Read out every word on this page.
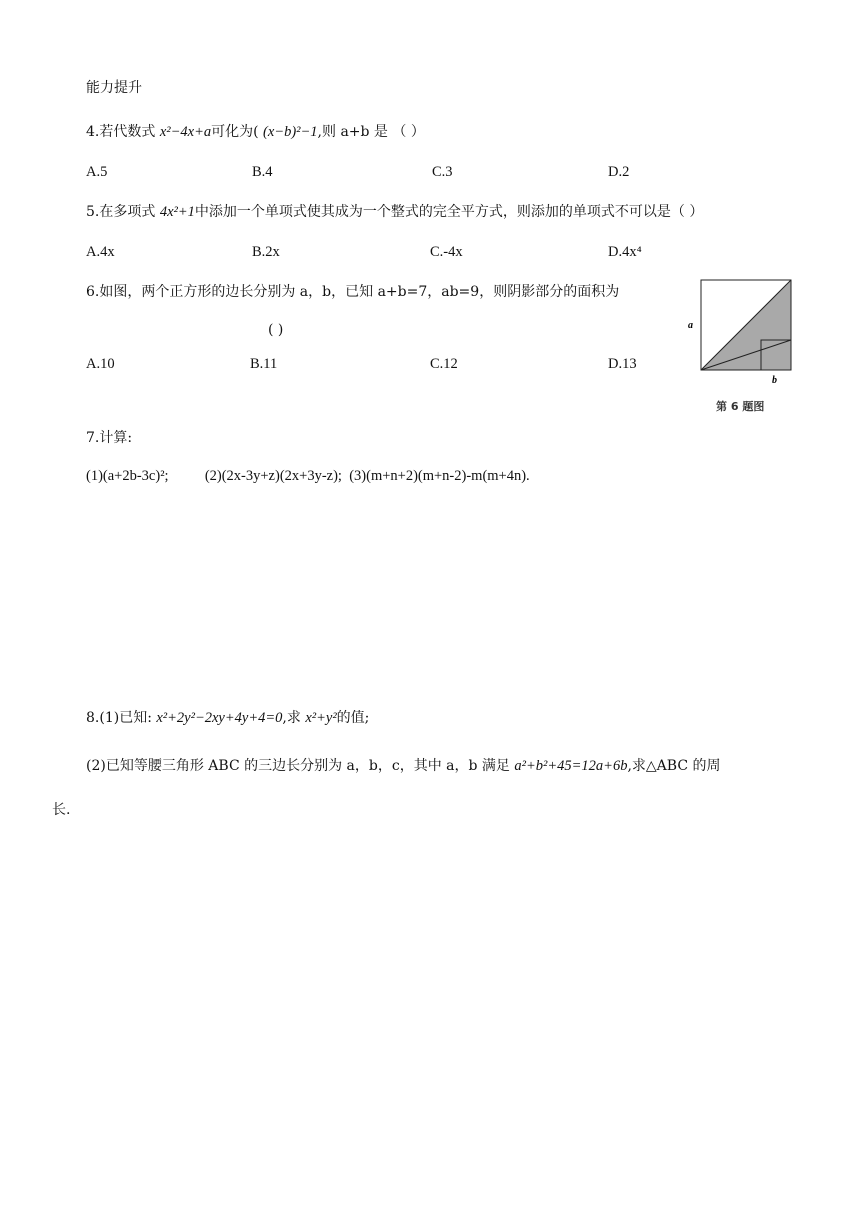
能力提升
4.若代数式 x²−4x+a可化为( (x−b)²−1,则 a+b 是 （ ）
A.5	B.4	C.3	D.2
5.在多项式 4x²+1中添加一个单项式使其成为一个整式的完全平方式，则添加的单项式不可以是（ ）
A.4x	B.2x	C.-4x	D.4x⁴
6.如图，两个正方形的边长分别为 a，b，已知 a+b=7，ab=9，则阴影部分的面积为
( )
A.10	B.11	C.12	D.13
a
b
第 6 题图
7.计算:
(1)(a+2b-3c)²;          (2)(2x-3y+z)(2x+3y-z);  (3)(m+n+2)(m+n-2)-m(m+4n).
8.(1)已知: x²+2y²−2xy+4y+4=0,求 x²+y²的值;
(2)已知等腰三角形 ABC 的三边长分别为 a，b，c，其中 a，b 满足 a²+b²+45=12a+6b,求△ABC 的周
长.
